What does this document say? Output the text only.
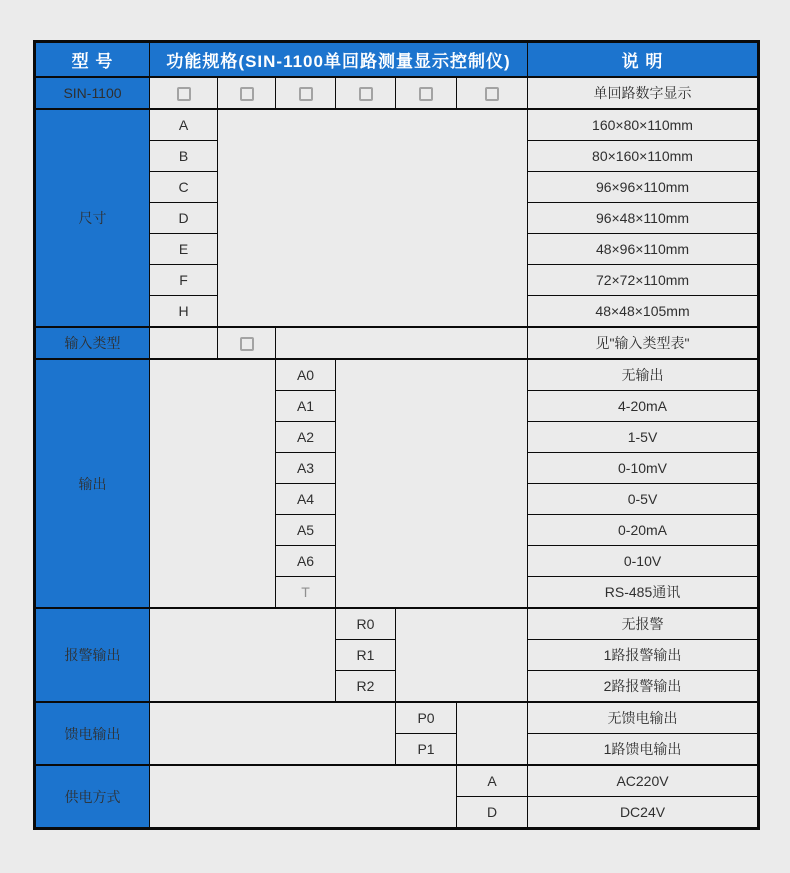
型 号	功能规格(SIN-1100单回路测量显示控制仪)						说 明
SIN-1100							单回路数字显示
尺寸	A						160×80×110mm
	B						80×160×110mm
	C						96×96×110mm
	D						96×48×110mm
	E						48×96×110mm
	F						72×72×110mm
	H						48×48×105mm
输入类型							见"输入类型表"
输出			A0				无输出
			A1				4-20mA
			A2				1-5V
			A3				0-10mV
			A4				0-5V
			A5				0-20mA
			A6				0-10V
			T				RS-485通讯
报警输出				R0			无报警
				R1			1路报警输出
				R2			2路报警输出
馈电输出					P0		无馈电输出
					P1		1路馈电输出
供电方式						A	AC220V
						D	DC24V
